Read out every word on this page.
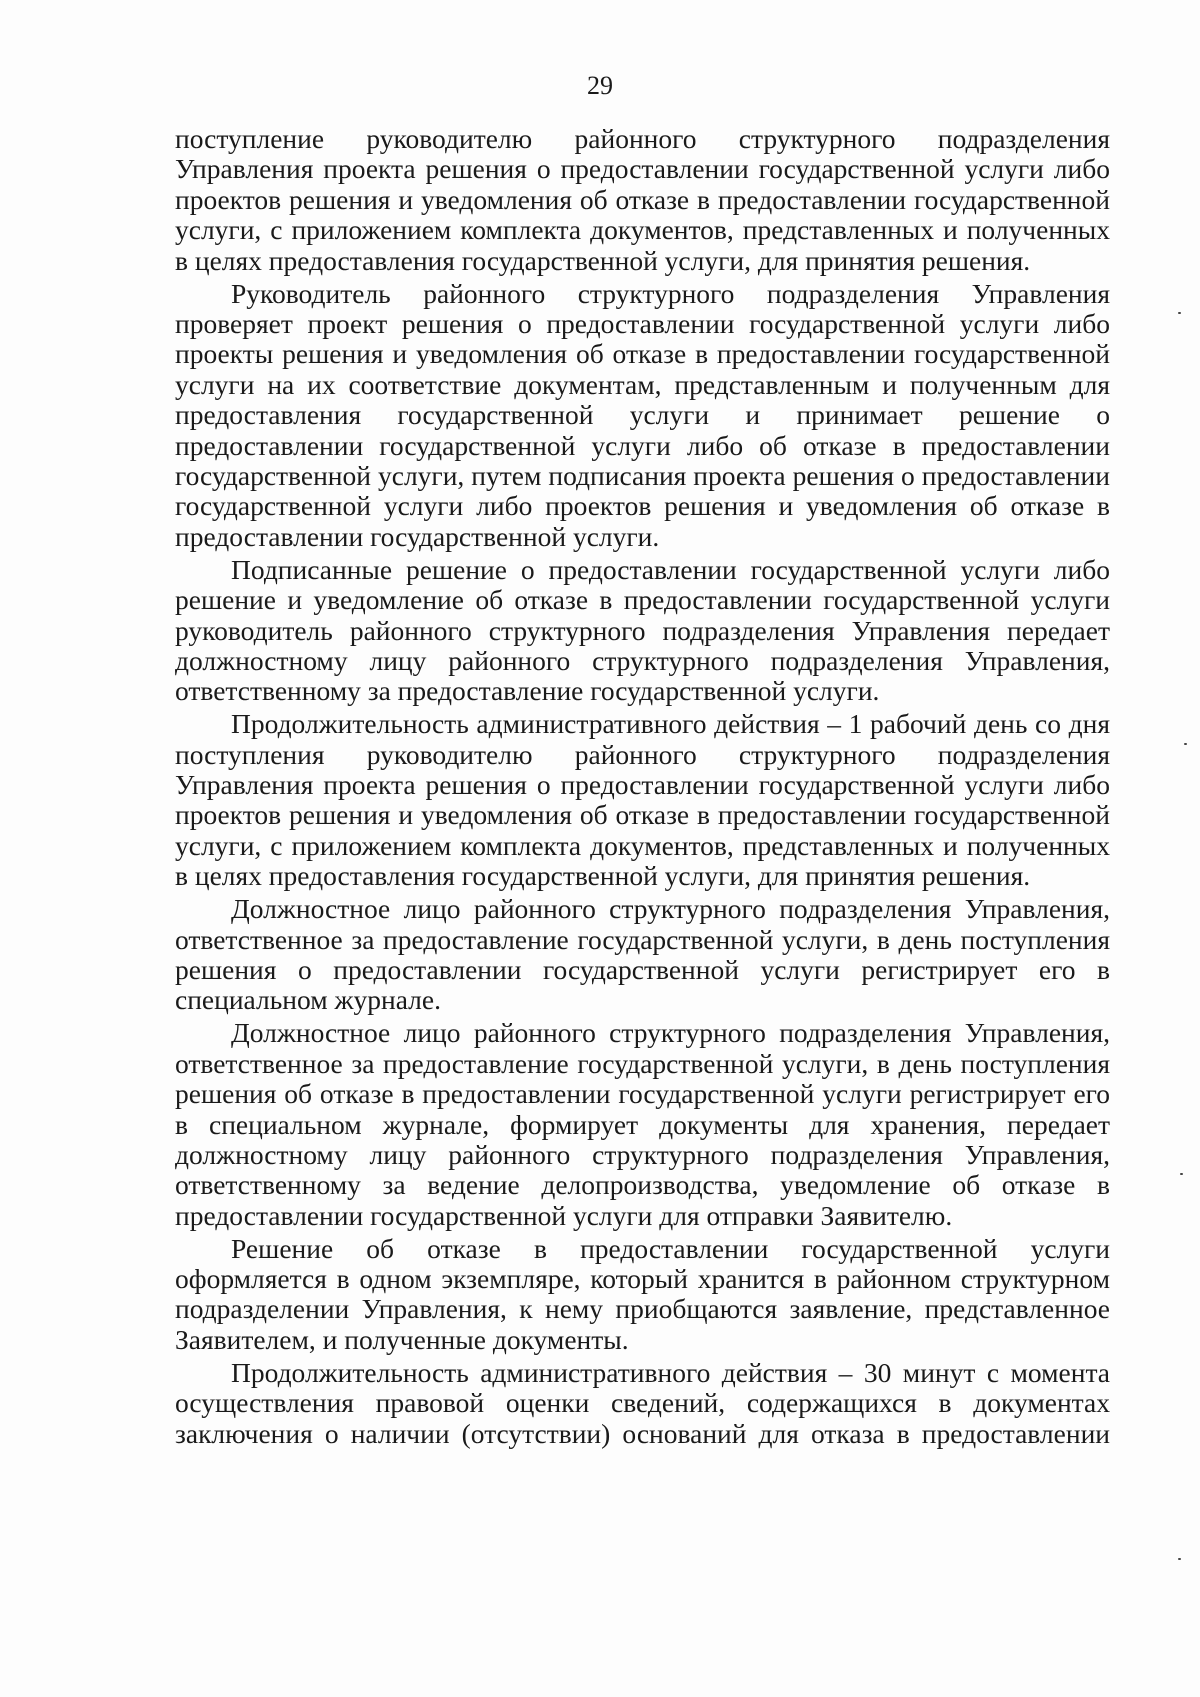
29

поступление руководителю районного структурного подразделения Управления проекта решения о предоставлении государственной услуги либо проектов решения и уведомления об отказе в предоставлении государственной услуги, с приложением комплекта документов, представленных и полученных в целях предоставления государственной услуги, для принятия решения.

Руководитель районного структурного подразделения Управления проверяет проект решения о предоставлении государственной услуги либо проекты решения и уведомления об отказе в предоставлении государственной услуги на их соответствие документам, представленным и полученным для предоставления государственной услуги и принимает решение о предоставлении государственной услуги либо об отказе в предоставлении государственной услуги, путем подписания проекта решения о предоставлении государственной услуги либо проектов решения и уведомления об отказе в предоставлении государственной услуги.

Подписанные решение о предоставлении государственной услуги либо решение и уведомление об отказе в предоставлении государственной услуги руководитель районного структурного подразделения Управления передает должностному лицу районного структурного подразделения Управления, ответственному за предоставление государственной услуги.

Продолжительность административного действия – 1 рабочий день со дня поступления руководителю районного структурного подразделения Управления проекта решения о предоставлении государственной услуги либо проектов решения и уведомления об отказе в предоставлении государственной услуги, с приложением комплекта документов, представленных и полученных в целях предоставления государственной услуги, для принятия решения.

Должностное лицо районного структурного подразделения Управления, ответственное за предоставление государственной услуги, в день поступления решения о предоставлении государственной услуги регистрирует его в специальном журнале.

Должностное лицо районного структурного подразделения Управления, ответственное за предоставление государственной услуги, в день поступления решения об отказе в предоставлении государственной услуги регистрирует его в специальном журнале, формирует документы для хранения, передает должностному лицу районного структурного подразделения Управления, ответственному за ведение делопроизводства, уведомление об отказе в предоставлении государственной услуги для отправки Заявителю.

Решение об отказе в предоставлении государственной услуги оформляется в одном экземпляре, который хранится в районном структурном подразделении Управления, к нему приобщаются заявление, представленное Заявителем, и полученные документы.

Продолжительность административного действия – 30 минут с момента осуществления правовой оценки сведений, содержащихся в документах заключения о наличии (отсутствии) оснований для отказа в предоставлении
